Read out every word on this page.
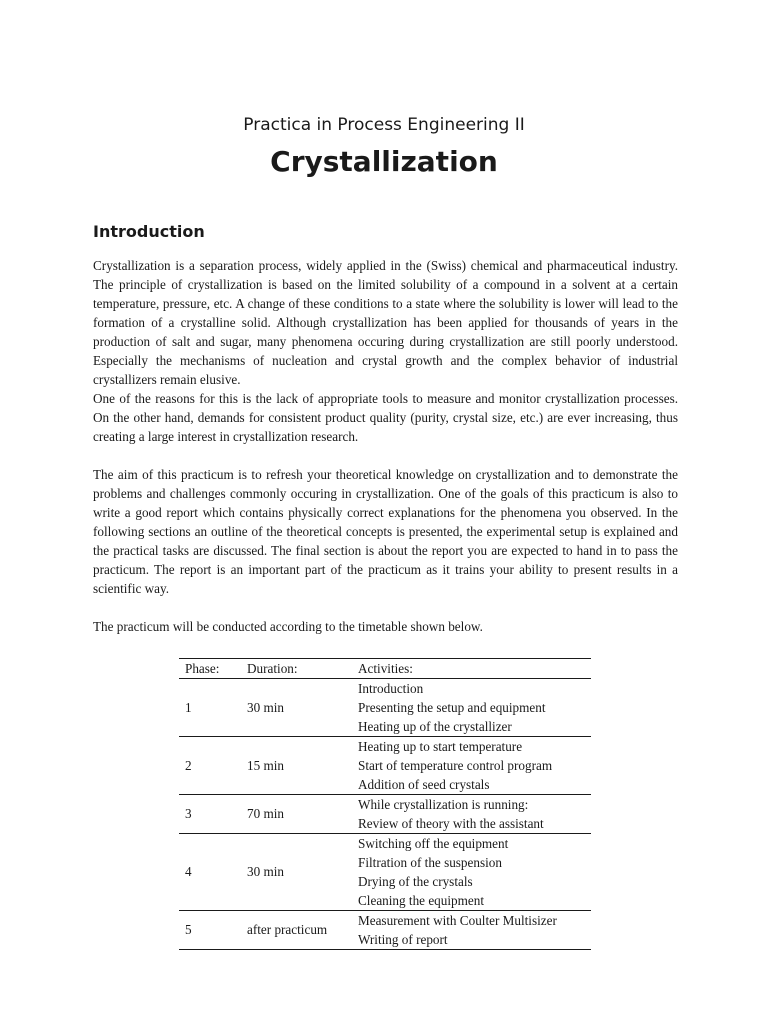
Practica in Process Engineering II
Crystallization
Introduction

Crystallization is a separation process, widely applied in the (Swiss) chemical and pharmaceutical industry. The principle of crystallization is based on the limited solubility of a compound in a solvent at a certain temperature, pressure, etc. A change of these conditions to a state where the solubility is lower will lead to the formation of a crystalline solid. Although crystallization has been applied for thousands of years in the production of salt and sugar, many phenomena occuring during crystallization are still poorly understood. Especially the mechanisms of nucleation and crystal growth and the complex behavior of industrial crystallizers remain elusive.

One of the reasons for this is the lack of appropriate tools to measure and monitor crystallization processes. On the other hand, demands for consistent product quality (purity, crystal size, etc.) are ever increasing, thus creating a large interest in crystallization research.

The aim of this practicum is to refresh your theoretical knowledge on crystallization and to demonstrate the problems and challenges commonly occuring in crystallization. One of the goals of this practicum is also to write a good report which contains physically correct explanations for the phenomena you observed. In the following sections an outline of the theoretical concepts is presented, the experimental setup is explained and the practical tasks are discussed. The final section is about the report you are expected to hand in to pass the practicum. The report is an important part of the practicum as it trains your ability to present results in a scientific way.

The practicum will be conducted according to the timetable shown below.

Phase:	Duration:	Activities:
1	30 min	Introduction
Presenting the setup and equipment
Heating up of the crystallizer

2	15 min	Heating up to start temperature
Start of temperature control program
Addition of seed crystals

3	70 min	While crystallization is running:
Review of theory with the assistant

4	30 min	Switching off the equipment
Filtration of the suspension
Drying of the crystals
Cleaning the equipment

5	after practicum	Measurement with Coulter Multisizer
Writing of report
